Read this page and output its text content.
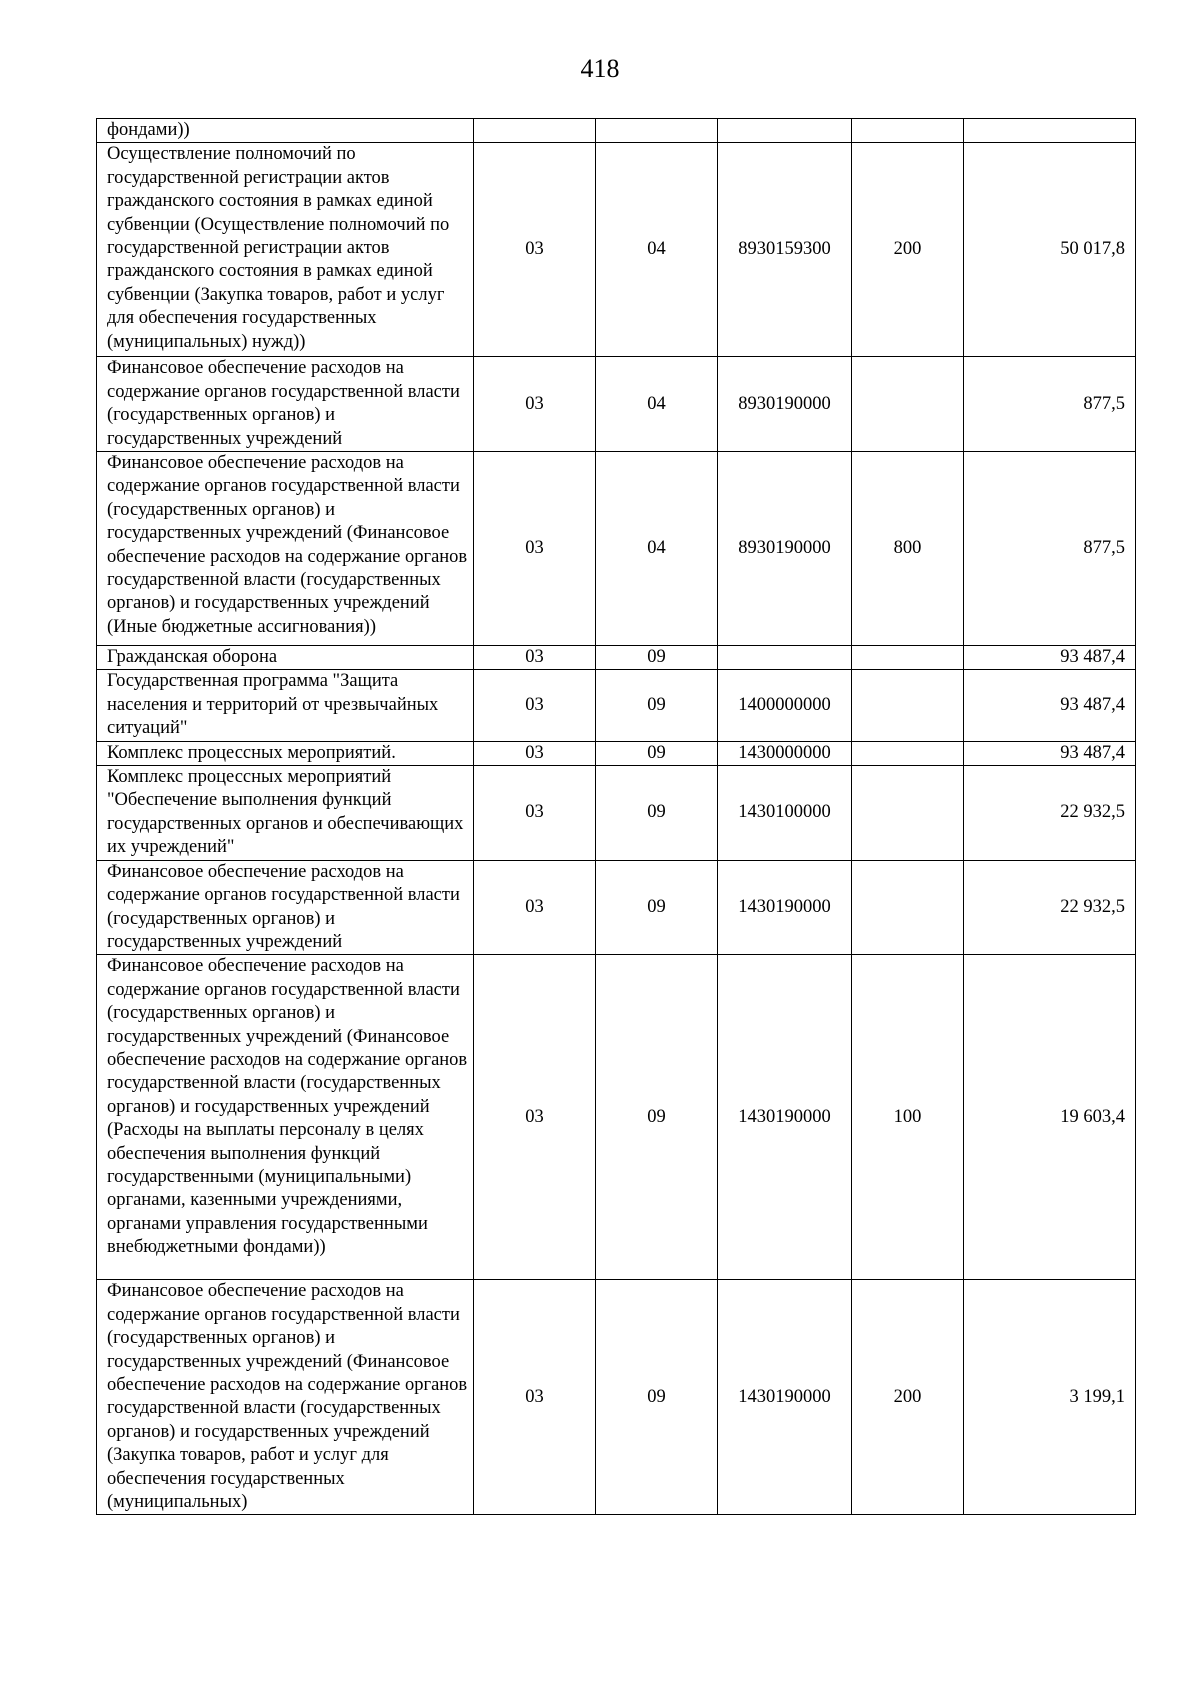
418
фондами))					
Осуществление полномочий по государственной регистрации актов гражданского состояния в рамках единой субвенции (Осуществление полномочий по государственной регистрации актов гражданского состояния в рамках единой субвенции (Закупка товаров, работ и услуг для обеспечения государственных (муниципальных) нужд))	03	04	8930159300	200	50 017,8
Финансовое обеспечение расходов на содержание органов государственной власти (государственных органов) и государственных учреждений	03	04	8930190000		877,5
Финансовое обеспечение расходов на содержание органов государственной власти (государственных органов) и государственных учреждений (Финансовое обеспечение расходов на содержание органов государственной власти (государственных органов) и государственных учреждений (Иные бюджетные ассигнования))	03	04	8930190000	800	877,5
Гражданская оборона	03	09			93 487,4
Государственная программа "Защита населения и территорий от чрезвычайных ситуаций"	03	09	1400000000		93 487,4
Комплекс процессных мероприятий.	03	09	1430000000		93 487,4
Комплекс процессных мероприятий "Обеспечение выполнения функций государственных органов и обеспечивающих их учреждений"	03	09	1430100000		22 932,5
Финансовое обеспечение расходов на содержание органов государственной власти (государственных органов) и государственных учреждений	03	09	1430190000		22 932,5
Финансовое обеспечение расходов на содержание органов государственной власти (государственных органов) и государственных учреждений (Финансовое обеспечение расходов на содержание органов государственной власти (государственных органов) и государственных учреждений (Расходы на выплаты персоналу в целях обеспечения выполнения функций государственными (муниципальными) органами, казенными учреждениями, органами управления государственными внебюджетными фондами))	03	09	1430190000	100	19 603,4
Финансовое обеспечение расходов на содержание органов государственной власти (государственных органов) и государственных учреждений (Финансовое обеспечение расходов на содержание органов государственной власти (государственных органов) и государственных учреждений (Закупка товаров, работ и услуг для обеспечения государственных (муниципальных)	03	09	1430190000	200	3 199,1
